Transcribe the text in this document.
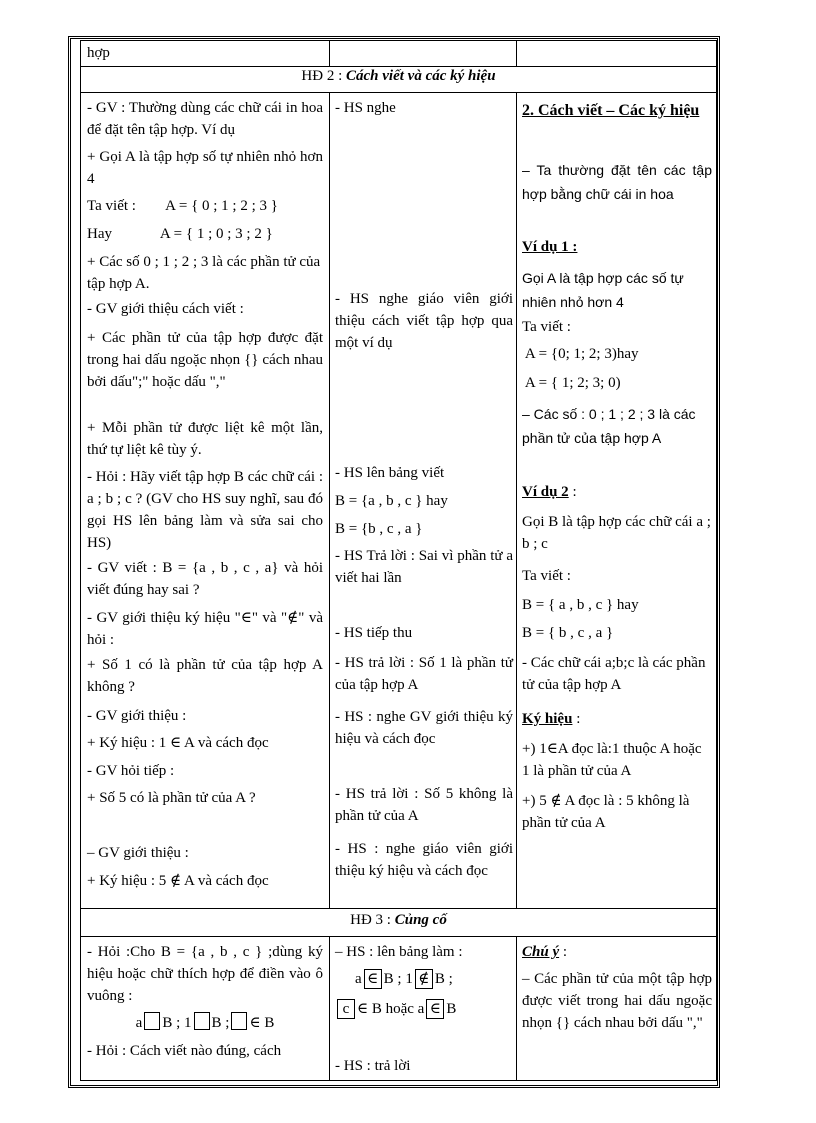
hợp
HĐ 2 : Cách viết và các ký hiệu
- GV : Thường dùng các chữ cái in hoa để đặt tên tập hợp. Ví dụ
+ Gọi A là tập hợp số tự nhiên nhỏ hơn 4
Ta viết :        A = { 0 ; 1 ; 2 ; 3 }
Hay             A = { 1 ; 0 ; 3 ; 2 }
+ Các số 0 ; 1 ; 2 ; 3 là các phần tử của tập hợp A.
- GV giới thiệu cách viết :
+ Các phần tử của tập hợp được đặt trong hai dấu ngoặc nhọn {} cách nhau bởi dấu";" hoặc dấu ","
+ Mỗi phần tử được liệt kê một lần, thứ tự liệt kê tùy ý.
- Hỏi : Hãy viết tập hợp B các chữ cái : a ; b ; c ? (GV cho HS suy nghĩ, sau đó gọi HS lên bảng làm và sửa sai cho HS)
- GV viết : B = {a , b , c , a} và hỏi viết đúng hay sai ?
- GV giới thiệu ký hiệu "∈" và "∉" và hỏi :
+ Số 1 có là phần tử của tập hợp A không ?
- GV giới thiệu :
+ Ký hiệu : 1 ∈ A và cách đọc
- GV hỏi tiếp :
+ Số 5 có là phần tử của A ?
– GV giới thiệu :
+ Ký hiệu : 5 ∉ A và cách đọc
- HS nghe
- HS nghe giáo viên giới thiệu cách viết tập hợp qua một ví dụ
- HS lên bảng viết
B = {a , b , c } hay
B = {b , c , a }
- HS Trả lời : Sai vì phần tử a viết hai lần
- HS tiếp thu
- HS trả lời : Số 1 là phần tử của tập hợp A
- HS : nghe GV giới thiệu ký hiệu và cách đọc
- HS trả lời : Số 5 không là phần tử của A
- HS : nghe giáo viên giới thiệu ký hiệu và cách đọc
2. Cách viết – Các ký hiệu
– Ta thường đặt tên các tập hợp bằng chữ cái in hoa
Ví dụ 1 :
Gọi A là tập hợp các số tự nhiên nhỏ hơn 4
Ta viết :
A = {0; 1; 2; 3)hay
A = { 1; 2; 3; 0)
– Các số : 0 ; 1 ; 2 ; 3 là các phần tử của tập hợp A
Ví dụ 2 :
Gọi B là tập hợp các chữ cái a ; b ; c
Ta viết :
B = { a , b , c } hay
B = { b , c , a }
- Các chữ cái a;b;c là các phần tử của tập hợp A
Ký hiệu :
+) 1∈A đọc là:1 thuộc A hoặc 1 là phần tử của A
+) 5 ∉ A đọc là : 5 không là phần tử của A
HĐ 3 : Củng cố
- Hỏi :Cho B = {a , b , c } ;dùng ký hiệu hoặc chữ thích hợp để điền vào ô vuông :
a B ; 1 B ; ∈ B
- Hỏi : Cách viết nào đúng, cách
– HS : lên bảng làm :
a ∈ B ; 1 ∉ B ;
c ∈ B hoặc a ∈ B
- HS : trả lời
Chú ý :
– Các phần tử của một tập hợp được viết trong hai dấu ngoặc nhọn {} cách nhau bởi dấu ","
